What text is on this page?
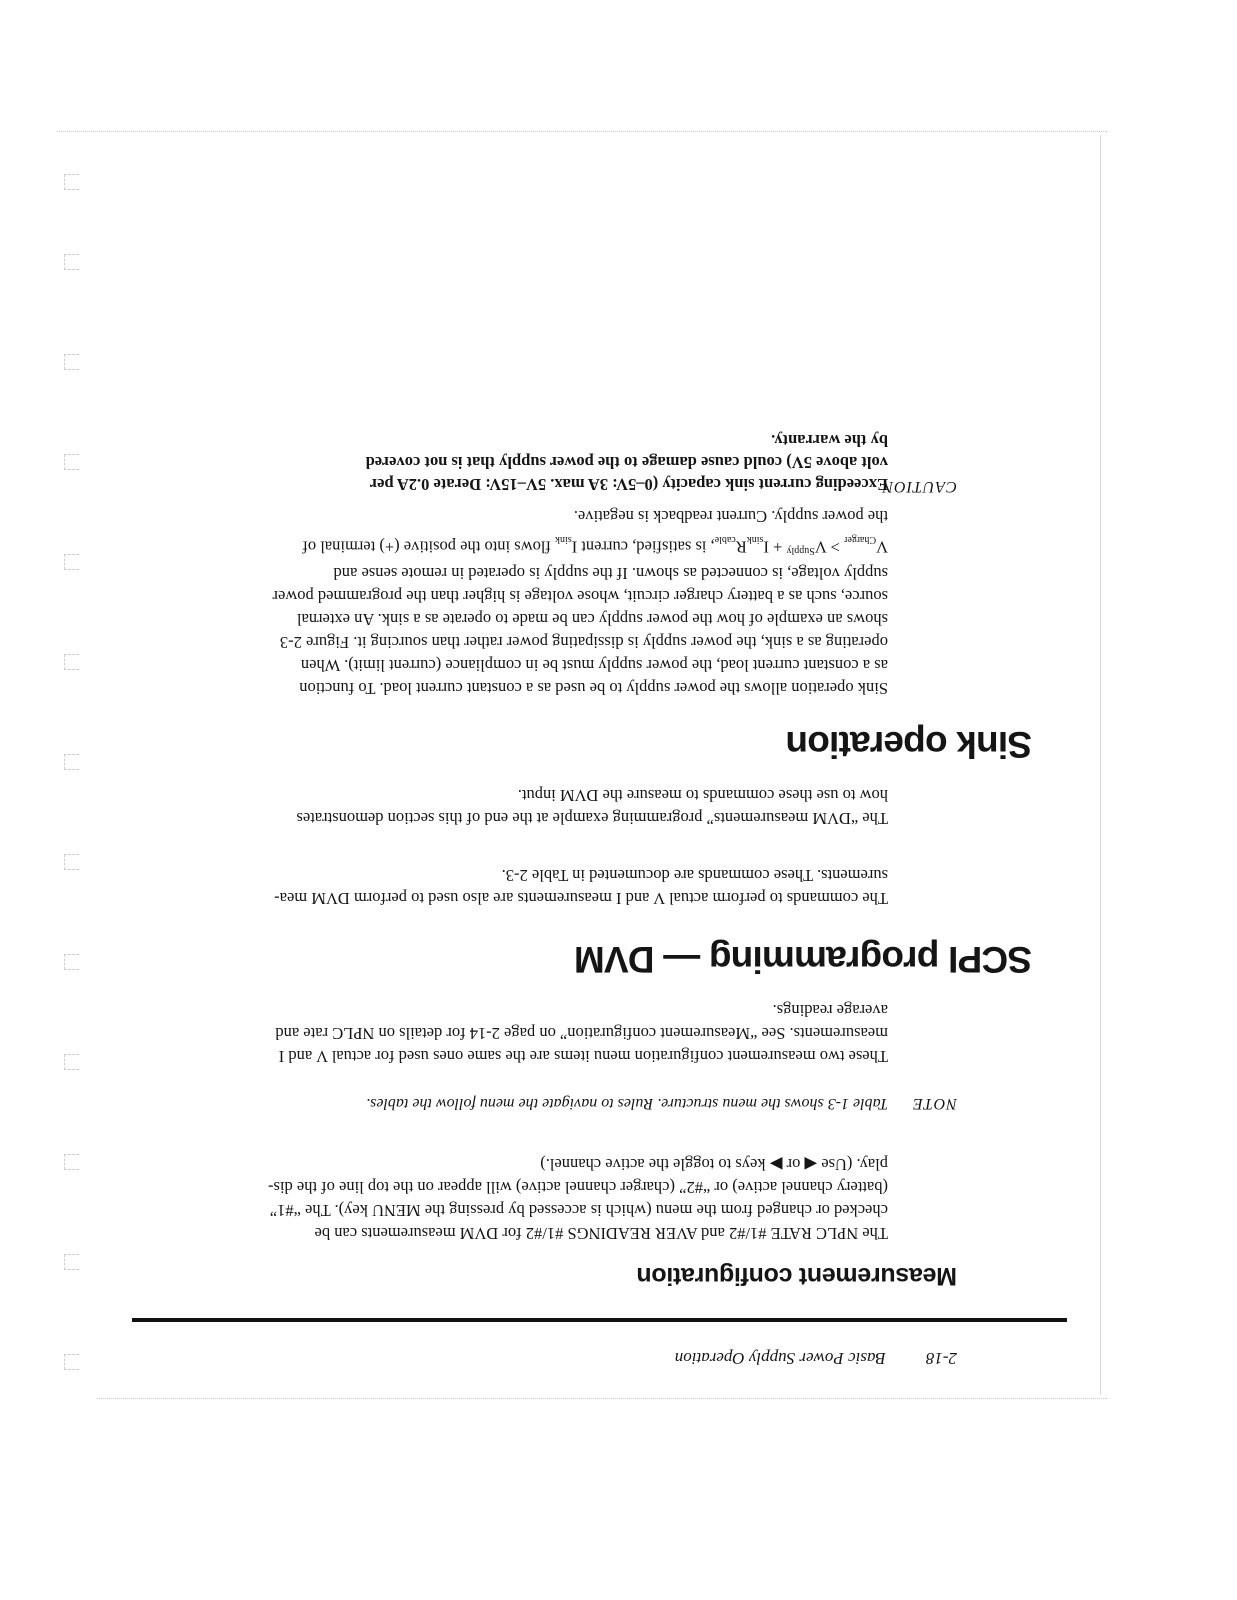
2-18Basic Power Supply Operation
Measurement configuration
The NPLC RATE #1/#2 and AVER READINGS #1/#2 for DVM measurements can be
checked or changed from the menu (which is accessed by pressing the MENU key). The “#1”
(battery channel active) or “#2” (charger channel active) will appear on the top line of the dis-
play. (Use ◀ or ▶ keys to toggle the active channel.)
NOTE
Table 1-3 shows the menu structure. Rules to navigate the menu follow the tables.
These two measurement configuration menu items are the same ones used for actual V and I
measurements. See “Measurement configuration” on page 2-14 for details on NPLC rate and
average readings.
SCPI programming — DVM
The commands to perform actual V and I measurements are also used to perform DVM mea-
surements. These commands are documented in Table 2-3.
The “DVM measurements” programming example at the end of this section demonstrates
how to use these commands to measure the DVM input.
Sink operation
Sink operation allows the power supply to be used as a constant current load. To function
as a constant current load, the power supply must be in compliance (current limit). When
operating as a sink, the power supply is dissipating power rather than sourcing it. Figure 2-3
shows an example of how the power supply can be made to operate as a sink. An external
source, such as a battery charger circuit, whose voltage is higher than the programmed power
supply voltage, is connected as shown. If the supply is operated in remote sense and
$V_{Charger} > V^{Supply} + I_{sink}R_{cable}$, is satisfied, current $I_{sink}$ flows into the positive (+) terminal of
the power supply. Current readback is negative.
CAUTION
Exceeding current sink capacity (0–5V: 3A max. 5V–15V: Derate 0.2A per
volt above 5V) could cause damage to the power supply that is not covered
by the warranty.
